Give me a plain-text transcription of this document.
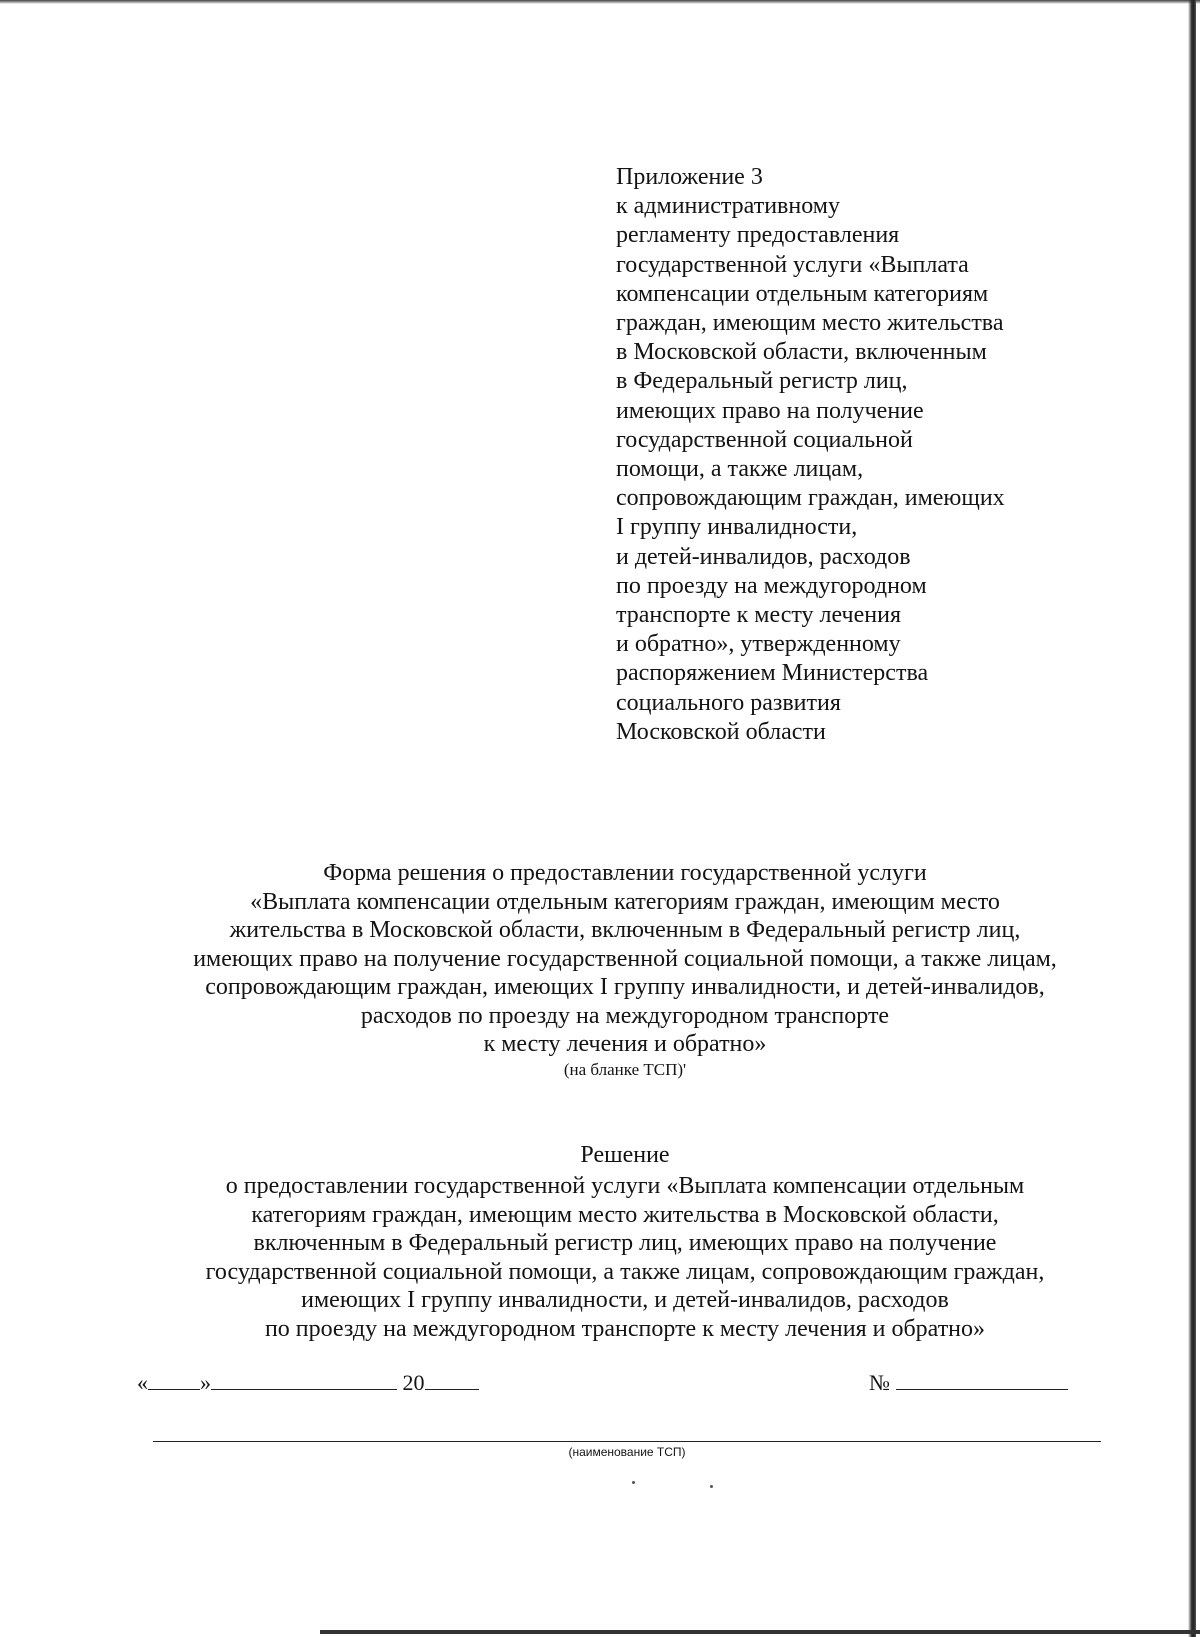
Приложение 3
к административному
регламенту предоставления
государственной услуги «Выплата
компенсации отдельным категориям
граждан, имеющим место жительства
в Московской области, включенным
в Федеральный регистр лиц,
имеющих право на получение
государственной социальной
помощи, а также лицам,
сопровождающим граждан, имеющих
I группу инвалидности,
и детей-инвалидов, расходов
по проезду на междугородном
транспорте к месту лечения
и обратно», утвержденному
распоряжением Министерства
социального развития
Московской области
Форма решения о предоставлении государственной услуги
«Выплата компенсации отдельным категориям граждан, имеющим место
жительства в Московской области, включенным в Федеральный регистр лиц,
имеющих право на получение государственной социальной помощи, а также лицам,
сопровождающим граждан, имеющих I группу инвалидности, и детей-инвалидов,
расходов по проезду на междугородном транспорте
к месту лечения и обратно»
(на бланке ТСП)'
Решение
о предоставлении государственной услуги «Выплата компенсации отдельным
категориям граждан, имеющим место жительства в Московской области,
включенным в Федеральный регистр лиц, имеющих право на получение
государственной социальной помощи, а также лицам, сопровождающим граждан,
имеющих I группу инвалидности, и детей-инвалидов, расходов
по проезду на междугородном транспорте к месту лечения и обратно»
« »	20	№
(наименование ТСП)
